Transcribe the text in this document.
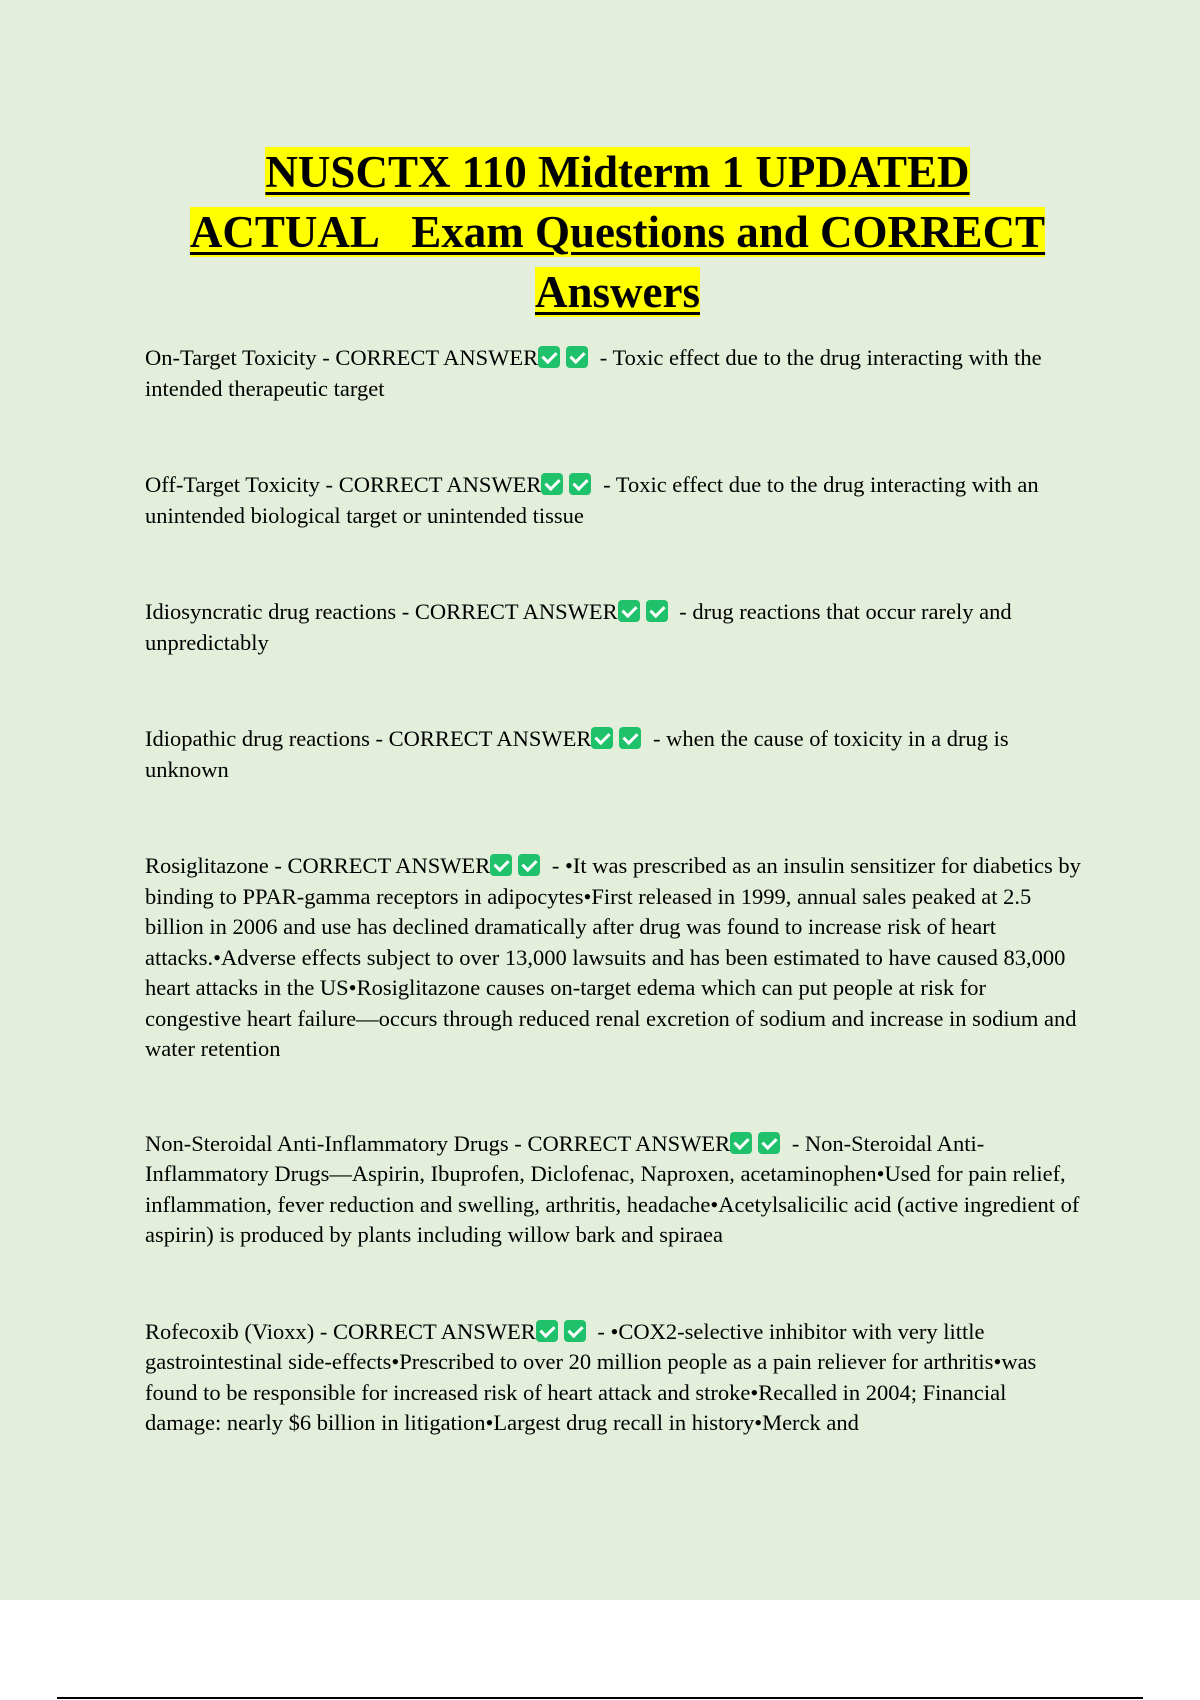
NUSCTX 110 Midterm 1 UPDATED
ACTUAL   Exam Questions and CORRECT
Answers

On-Target Toxicity - CORRECT ANSWER - Toxic effect due to the drug interacting with the intended therapeutic target

Off-Target Toxicity - CORRECT ANSWER - Toxic effect due to the drug interacting with an unintended biological target or unintended tissue

Idiosyncratic drug reactions - CORRECT ANSWER - drug reactions that occur rarely and unpredictably

Idiopathic drug reactions - CORRECT ANSWER - when the cause of toxicity in a drug is unknown

Rosiglitazone - CORRECT ANSWER - •It was prescribed as an insulin sensitizer for diabetics by binding to PPAR-gamma receptors in adipocytes•First released in 1999, annual sales peaked at 2.5 billion in 2006 and use has declined dramatically after drug was found to increase risk of heart attacks.•Adverse effects subject to over 13,000 lawsuits and has been estimated to have caused 83,000 heart attacks in the US•Rosiglitazone causes on-target edema which can put people at risk for congestive heart failure—occurs through reduced renal excretion of sodium and increase in sodium and water retention

Non-Steroidal Anti-Inflammatory Drugs - CORRECT ANSWER - Non-Steroidal Anti-Inflammatory Drugs—Aspirin, Ibuprofen, Diclofenac, Naproxen, acetaminophen•Used for pain relief, inflammation, fever reduction and swelling, arthritis, headache•Acetylsalicilic acid (active ingredient of aspirin) is produced by plants including willow bark and spiraea

Rofecoxib (Vioxx) - CORRECT ANSWER - •COX2-selective inhibitor with very little gastrointestinal side-effects•Prescribed to over 20 million people as a pain reliever for arthritis•was found to be responsible for increased risk of heart attack and stroke•Recalled in 2004; Financial damage: nearly $6 billion in litigation•Largest drug recall in history•Merck and
